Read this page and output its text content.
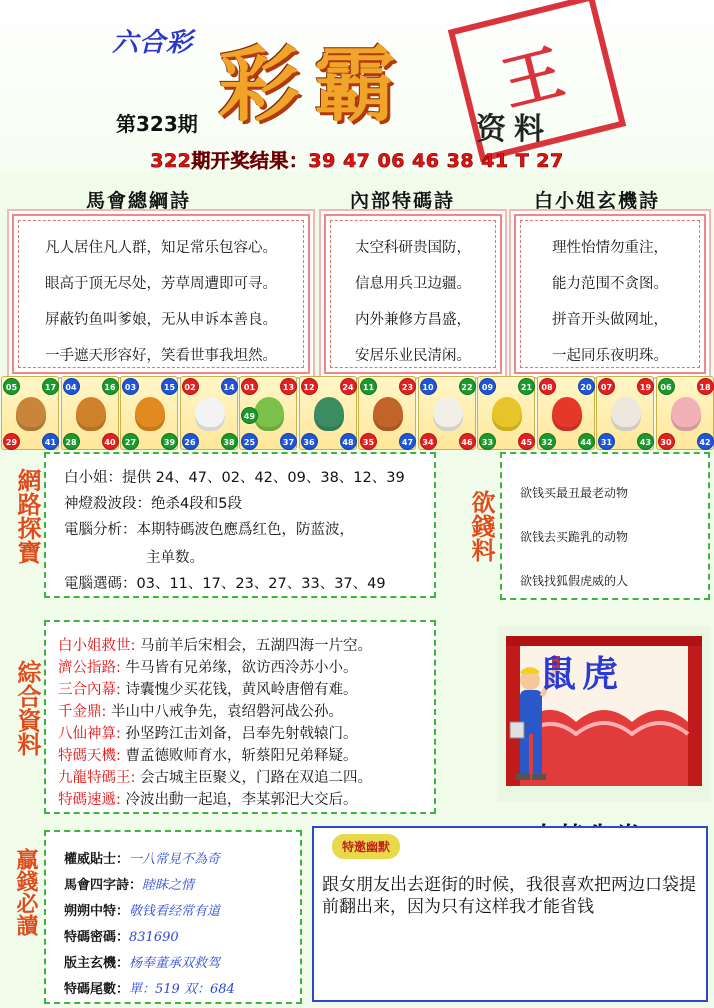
六合彩 彩霸	王
第323期	资料
322期开奖结果：39 47 06 46 38 41 T 27
馬會總綱詩	內部特碼詩	白小姐玄機詩
凡人居住凡人群，知足常乐包容心。
眼高于顶无尽处，芳草周遭即可寻。
屏蔽钓鱼叫爹娘，无从申诉本善良。
一手遮天形容好，笑看世事我坦然。
太空科研贵国防，
信息用兵卫边疆。
内外兼修方昌盛，
安居乐业民清闲。
理性怡情勿重注，
能力范围不贪图。
拼音开头做网址，
一起同乐夜明珠。
05	17
29	41
04	16
28	40
03	15
27	39
02	14
26	38
01	13
25	37
49
12	24
36	48
11	23
35	47
10	22
34	46
09	21
33	45
08	20
32	44
07	19
31	43
06	18
30	42
網路探寶 白小姐：提供 24、47、02、42、09、38、12、39
神燈殺波段：绝杀4段和5段
電腦分析：本期特碼波色應爲红色，防蓝波，
主单数。
電腦選碼：03、11、17、23、27、33、37、49
欲錢料 欲钱买最丑最老动物
欲钱去买跪乳的动物
欲钱找狐假虎威的人
綜合資料
白小姐救世: 马前羊后宋相会，五湖四海一片空。
濟公指路: 牛马皆有兄弟缘，欲访西泠苏小小。
三合內幕: 诗囊愧少买花钱，黄风岭唐僧有难。
千金鼎: 半山中八戒争先，袁绍磐河战公孙。
八仙神算: 孙坚跨江击刘备，吕奉先射戟辕门。
特碼天機: 曹孟德败师育水，斩蔡阳兄弟释疑。
九龍特碼王: 会古城主臣聚义，门路在双追二四。
特碼速遞: 冷波出動一起追，李某郭汜大交后。
鼠虎
贏錢必讀 權威貼士：一八常見不為奇
馬會四字詩：睦眛之情
朔朔中特：敬钱看经常有道
特碼密碼：831690
版主玄機：杨奉董承双救驾
特碼尾數：單：519 双：684
特邀幽默
跟女朋友出去逛街的时候，我很喜欢把两边口袋提前翻出来，因为只有这样我才能省钱
